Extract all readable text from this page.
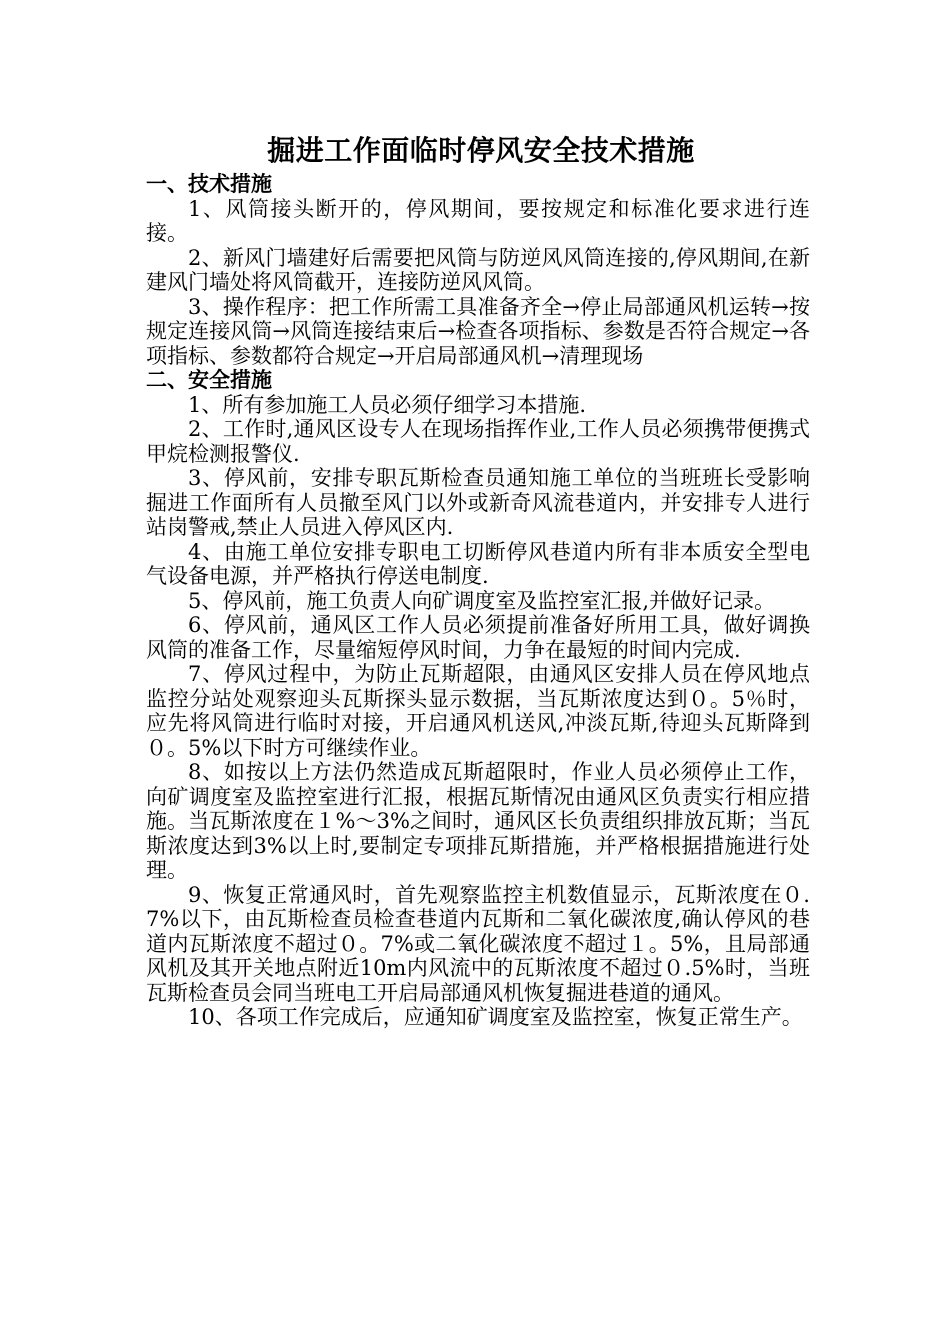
掘进工作面临时停风安全技术措施
一、技术措施

1、风筒接头断开的，停风期间，要按规定和标准化要求进行连接。

2、新风门墙建好后需要把风筒与防逆风风筒连接的,停风期间,在新建风门墙处将风筒截开，连接防逆风风筒。

3、操作程序：把工作所需工具准备齐全→停止局部通风机运转→按规定连接风筒→风筒连接结束后→检查各项指标、参数是否符合规定→各项指标、参数都符合规定→开启局部通风机→清理现场

二、安全措施

1、所有参加施工人员必须仔细学习本措施.

2、工作时,通风区设专人在现场指挥作业,工作人员必须携带便携式甲烷检测报警仪.

3、停风前，安排专职瓦斯检查员通知施工单位的当班班长受影响掘进工作面所有人员撤至风门以外或新奇风流巷道内，并安排专人进行站岗警戒,禁止人员进入停风区内.

4、由施工单位安排专职电工切断停风巷道内所有非本质安全型电气设备电源，并严格执行停送电制度.

5、停风前，施工负责人向矿调度室及监控室汇报,并做好记录。

6、停风前，通风区工作人员必须提前准备好所用工具，做好调换风筒的准备工作，尽量缩短停风时间，力争在最短的时间内完成.

7、停风过程中，为防止瓦斯超限，由通风区安排人员在停风地点监控分站处观察迎头瓦斯探头显示数据，当瓦斯浓度达到０。5％时，应先将风筒进行临时对接，开启通风机送风,冲淡瓦斯,待迎头瓦斯降到０。5%以下时方可继续作业。

8、如按以上方法仍然造成瓦斯超限时，作业人员必须停止工作，向矿调度室及监控室进行汇报，根据瓦斯情况由通风区负责实行相应措施。当瓦斯浓度在１%～3%之间时，通风区长负责组织排放瓦斯；当瓦斯浓度达到3%以上时,要制定专项排瓦斯措施，并严格根据措施进行处理。

9、恢复正常通风时，首先观察监控主机数值显示，瓦斯浓度在０.7%以下，由瓦斯检查员检查巷道内瓦斯和二氧化碳浓度,确认停风的巷道内瓦斯浓度不超过０。7%或二氧化碳浓度不超过１。5%，且局部通风机及其开关地点附近10m内风流中的瓦斯浓度不超过０.5%时，当班瓦斯检查员会同当班电工开启局部通风机恢复掘进巷道的通风。

10、各项工作完成后，应通知矿调度室及监控室，恢复正常生产。
